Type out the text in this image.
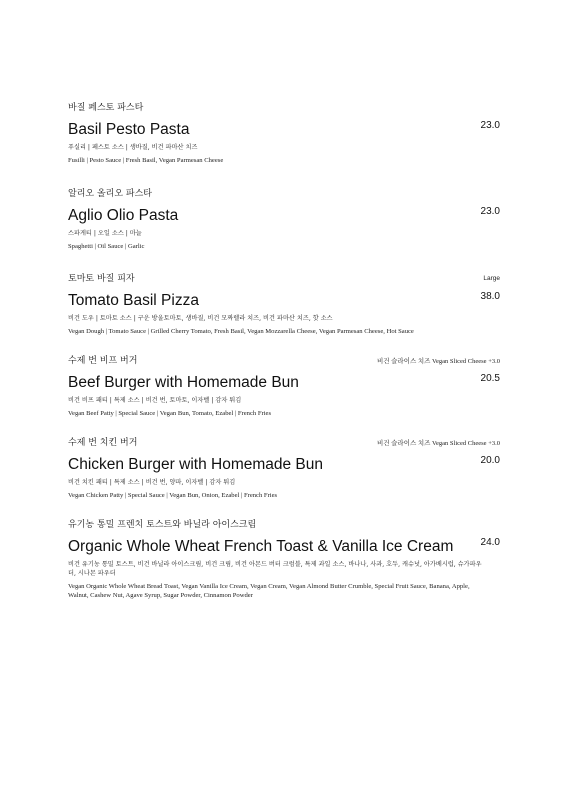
바질 페스토 파스타
Basil Pesto Pasta	23.0
푸실리 | 페스토 소스 | 생바질, 비건 파마산 치즈
Fusilli | Pesto Sauce | Fresh Basil, Vegan Parmesan Cheese
알리오 올리오 파스타
Aglio Olio Pasta	23.0
스파게티 | 오일 소스 | 마늘
Spaghetti | Oil Sauce | Garlic
토마토 바질 피자	Large
Tomato Basil Pizza	38.0
비건 도우 | 토마토 소스 | 구운 방울토마토, 생바질, 비건 모짜렐라 치즈, 비건 파마산 치즈, 핫 소스
Vegan Dough | Tomato Sauce | Grilled Cherry Tomato, Fresh Basil, Vegan Mozzarella Cheese, Vegan Parmesan Cheese, Hot Sauce
수제 번 비프 버거	비건 슬라이스 치즈 Vegan Sliced Cheese +3.0
Beef Burger with Homemade Bun	20.5
비건 비프 패티 | 특제 소스 | 비건 번, 토마토, 이자벨 | 감자 튀김
Vegan Beef Patty | Special Sauce | Vegan Bun, Tomato, Ezabel | French Fries
수제 번 치킨 버거	비건 슬라이스 치즈 Vegan Sliced Cheese +3.0
Chicken Burger with Homemade Bun	20.0
비건 치킨 패티 | 특제 소스 | 비건 번, 양파, 이자벨 | 감자 튀김
Vegan Chicken Patty | Special Sauce | Vegan Bun, Onion, Ezabel | French Fries
유기농 통밀 프렌치 토스트와 바닐라 아이스크림
Organic Whole Wheat French Toast & Vanilla Ice Cream	24.0
비건 유기농 통밀 토스트, 비건 바닐라 아이스크림, 비건 크림, 비건 아몬드 버터 크럼블, 특제 과일 소스, 바나나, 사과, 호두, 캐슈넛, 아가베시럽, 슈가파우더, 시나몬 파우더
Vegan Organic Whole Wheat Bread Toast, Vegan Vanilla Ice Cream, Vegan Cream, Vegan Almond Butter Crumble, Special Fruit Sauce, Banana, Apple, Walnut, Cashew Nut, Agave Syrup, Sugar Powder, Cinnamon Powder
